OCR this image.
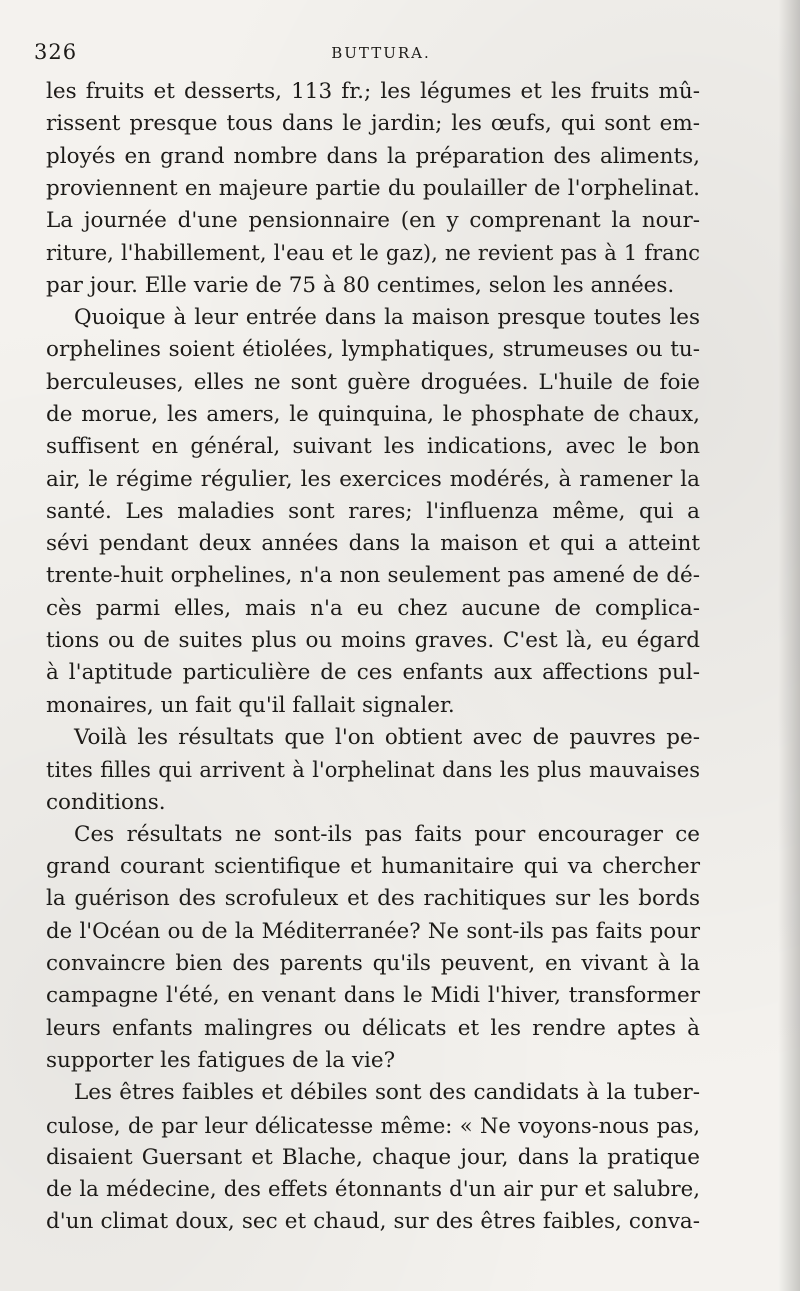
326	BUTTURA.
les fruits et desserts, 113 fr.; les légumes et les fruits mû-
rissent presque tous dans le jardin; les œufs, qui sont em-
ployés en grand nombre dans la préparation des aliments,
proviennent en majeure partie du poulailler de l'orphelinat.
La journée d'une pensionnaire (en y comprenant la nour-
riture, l'habillement, l'eau et le gaz), ne revient pas à 1 franc
par jour. Elle varie de 75 à 80 centimes, selon les années.
Quoique à leur entrée dans la maison presque toutes les
orphelines soient étiolées, lymphatiques, strumeuses ou tu-
berculeuses, elles ne sont guère droguées. L'huile de foie
de morue, les amers, le quinquina, le phosphate de chaux,
suffisent en général, suivant les indications, avec le bon
air, le régime régulier, les exercices modérés, à ramener la
santé. Les maladies sont rares; l'influenza même, qui a
sévi pendant deux années dans la maison et qui a atteint
trente-huit orphelines, n'a non seulement pas amené de dé-
cès parmi elles, mais n'a eu chez aucune de complica-
tions ou de suites plus ou moins graves. C'est là, eu égard
à l'aptitude particulière de ces enfants aux affections pul-
monaires, un fait qu'il fallait signaler.
Voilà les résultats que l'on obtient avec de pauvres pe-
tites filles qui arrivent à l'orphelinat dans les plus mauvaises
conditions.
Ces résultats ne sont-ils pas faits pour encourager ce
grand courant scientifique et humanitaire qui va chercher
la guérison des scrofuleux et des rachitiques sur les bords
de l'Océan ou de la Méditerranée? Ne sont-ils pas faits pour
convaincre bien des parents qu'ils peuvent, en vivant à la
campagne l'été, en venant dans le Midi l'hiver, transformer
leurs enfants malingres ou délicats et les rendre aptes à
supporter les fatigues de la vie?
Les êtres faibles et débiles sont des candidats à la tuber-
culose, de par leur délicatesse même: « Ne voyons-nous pas,
disaient Guersant et Blache, chaque jour, dans la pratique
de la médecine, des effets étonnants d'un air pur et salubre,
d'un climat doux, sec et chaud, sur des êtres faibles, conva-
